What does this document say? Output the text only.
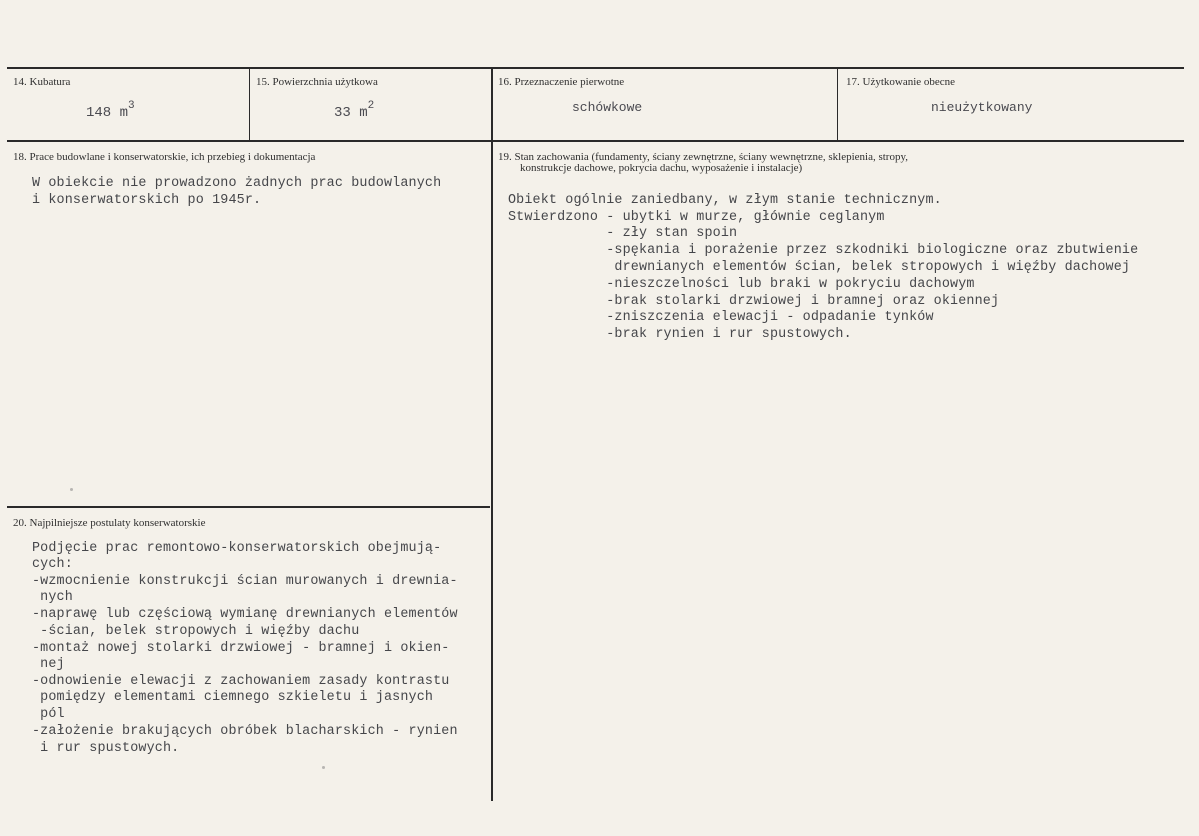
14. Kubatura
148 $m^3$
15. Powierzchnia użytkowa
33 $m^2$
16. Przeznaczenie pierwotne
schówkowe
17. Użytkowanie obecne
nieużytkowany
18. Prace budowlane i konserwatorskie, ich przebieg i dokumentacja
W obiekcie nie prowadzono żadnych prac budowlanych
i konserwatorskich po 1945r.
19. Stan zachowania (fundamenty, ściany zewnętrzne, ściany wewnętrzne, sklepienia, stropy,
konstrukcje dachowe, pokrycia dachu, wyposażenie i instalacje)
Obiekt ogólnie zaniedbany, w złym stanie technicznym.
Stwierdzono - ubytki w murze, głównie ceglanym
- zły stan spoin
-spękania i porażenie przez szkodniki biologiczne oraz zbutwienie
drewnianych elementów ścian, belek stropowych i więźby dachowej
-nieszczelności lub braki w pokryciu dachowym
-brak stolarki drzwiowej i bramnej oraz okiennej
-zniszczenia elewacji - odpadanie tynków
-brak rynien i rur spustowych.
20. Najpilniejsze postulaty konserwatorskie
Podjęcie prac remontowo-konserwatorskich obejmują-
cych:
-wzmocnienie konstrukcji ścian murowanych i drewnia-
nych
-naprawę lub częściową wymianę drewnianych elementów
-ścian, belek stropowych i więźby dachu
-montaż nowej stolarki drzwiowej - bramnej i okien-
nej
-odnowienie elewacji z zachowaniem zasady kontrastu
pomiędzy elementami ciemnego szkieletu i jasnych
pól
-założenie brakujących obróbek blacharskich - rynien
i rur spustowych.
